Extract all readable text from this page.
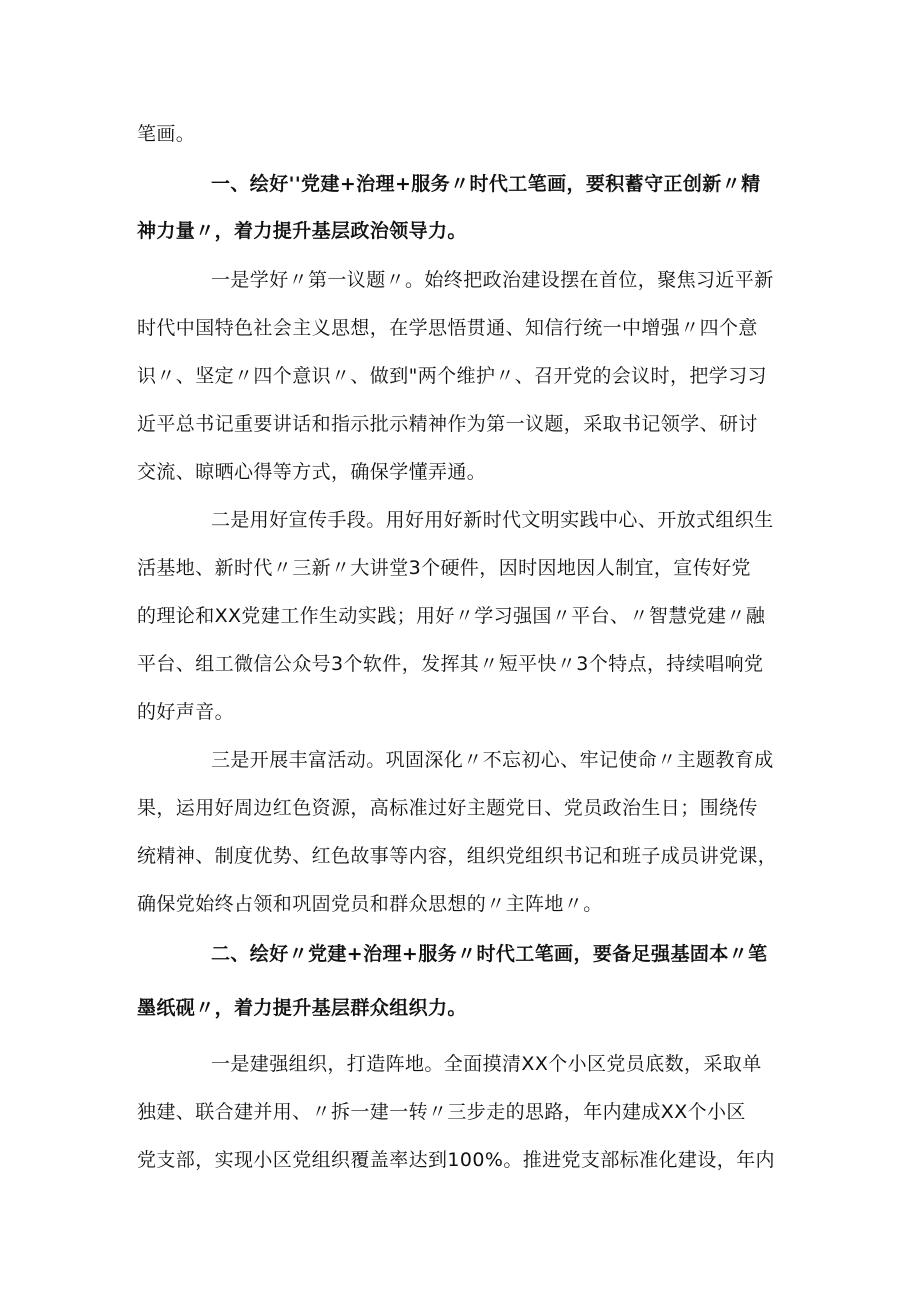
笔画。
一、绘好''党建+治理+服务〃时代工笔画，要积蓄守正创新〃精
神力量〃，着力提升基层政治领导力。
一是学好〃第一议题〃。始终把政治建设摆在首位，聚焦习近平新
时代中国特色社会主义思想，在学思悟贯通、知信行统一中增强〃四个意
识〃、坚定〃四个意识〃、做到"两个维护〃、召开党的会议时，把学习习
近平总书记重要讲话和指示批示精神作为第一议题，采取书记领学、研讨
交流、晾晒心得等方式，确保学懂弄通。
二是用好宣传手段。用好用好新时代文明实践中心、开放式组织生
活基地、新时代〃三新〃大讲堂3个硬件，因时因地因人制宜，宣传好党
的理论和XX党建工作生动实践；用好〃学习强国〃平台、〃智慧党建〃融
平台、组工微信公众号3个软件，发挥其〃短平快〃3个特点，持续唱响党
的好声音。
三是开展丰富活动。巩固深化〃不忘初心、牢记使命〃主题教育成
果，运用好周边红色资源，高标准过好主题党日、党员政治生日；围绕传
统精神、制度优势、红色故事等内容，组织党组织书记和班子成员讲党课，
确保党始终占领和巩固党员和群众思想的〃主阵地〃。
二、绘好〃党建+治理+服务〃时代工笔画，要备足强基固本〃笔
墨纸砚〃，着力提升基层群众组织力。
一是建强组织，打造阵地。全面摸清XX个小区党员底数，采取单
独建、联合建并用、〃拆一建一转〃三步走的思路，年内建成XX个小区
党支部，实现小区党组织覆盖率达到100%。推进党支部标准化建设，年内
